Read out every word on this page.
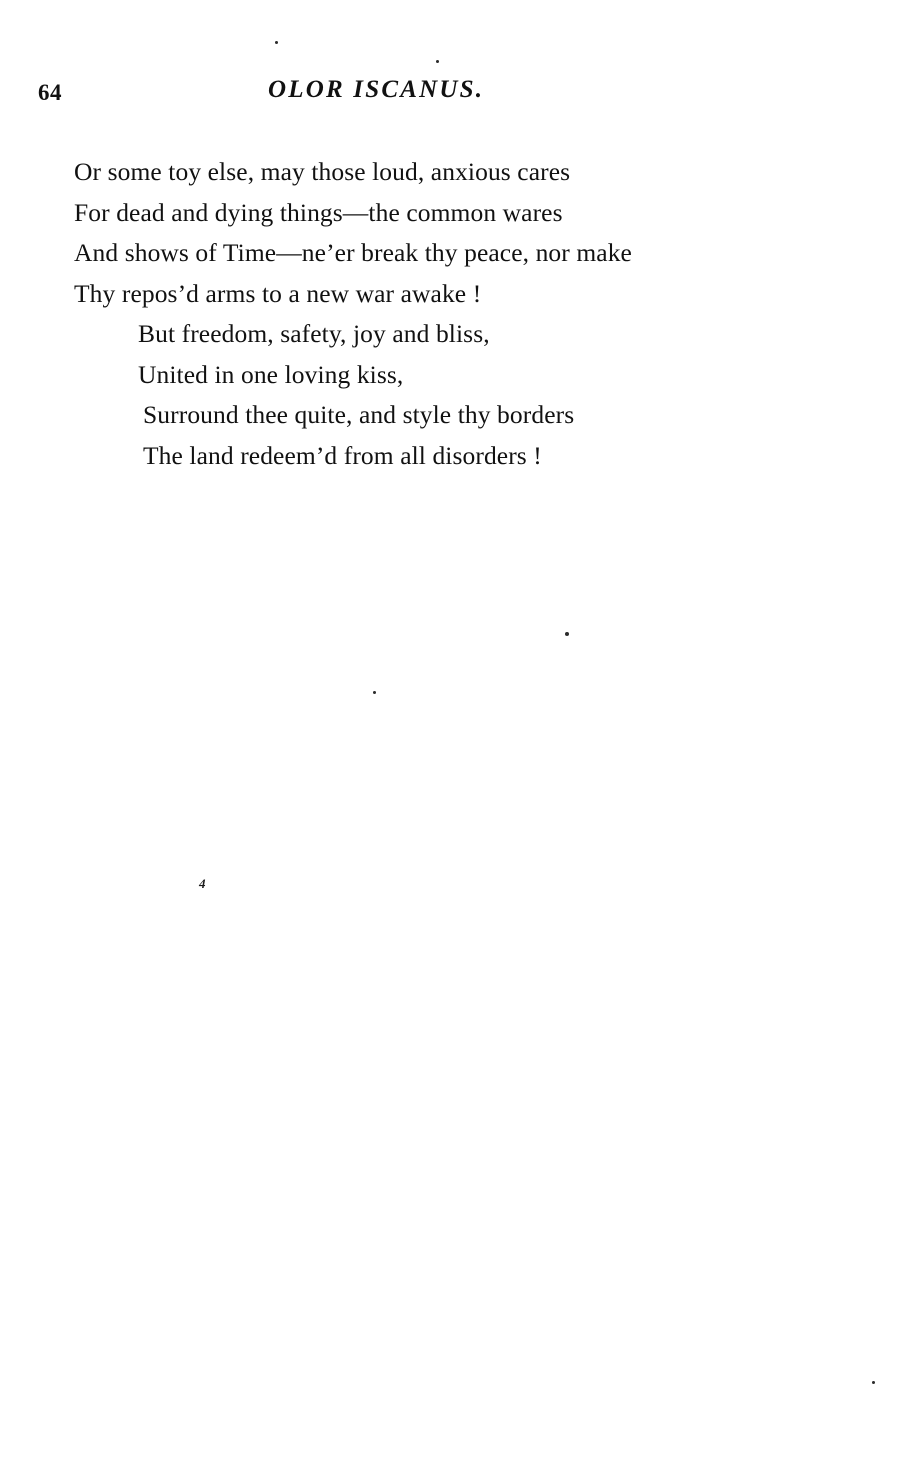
64	OLOR ISCANUS.
Or some toy else, may those loud, anxious cares
For dead and dying things—the common wares
And shows of Time—ne’er break thy peace, nor make
Thy repos’d arms to a new war awake !
But freedom, safety, joy and bliss,
United in one loving kiss,
Surround thee quite, and style thy borders
The land redeem’d from all disorders !
4
